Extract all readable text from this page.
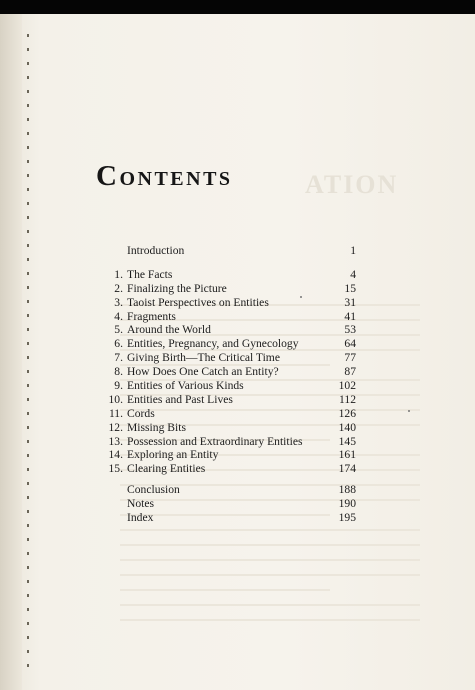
ATION
Contents
Introduction	1
1. The Facts	4
2. Finalizing the Picture	15
3. Taoist Perspectives on Entities	31
4. Fragments	41
5. Around the World	53
6. Entities, Pregnancy, and Gynecology	64
7. Giving Birth—The Critical Time	77
8. How Does One Catch an Entity?	87
9. Entities of Various Kinds	102
10. Entities and Past Lives	112
11. Cords	126
12. Missing Bits	140
13. Possession and Extraordinary Entities	145
14. Exploring an Entity	161
15. Clearing Entities	174
Conclusion	188
Notes	190
Index	195
